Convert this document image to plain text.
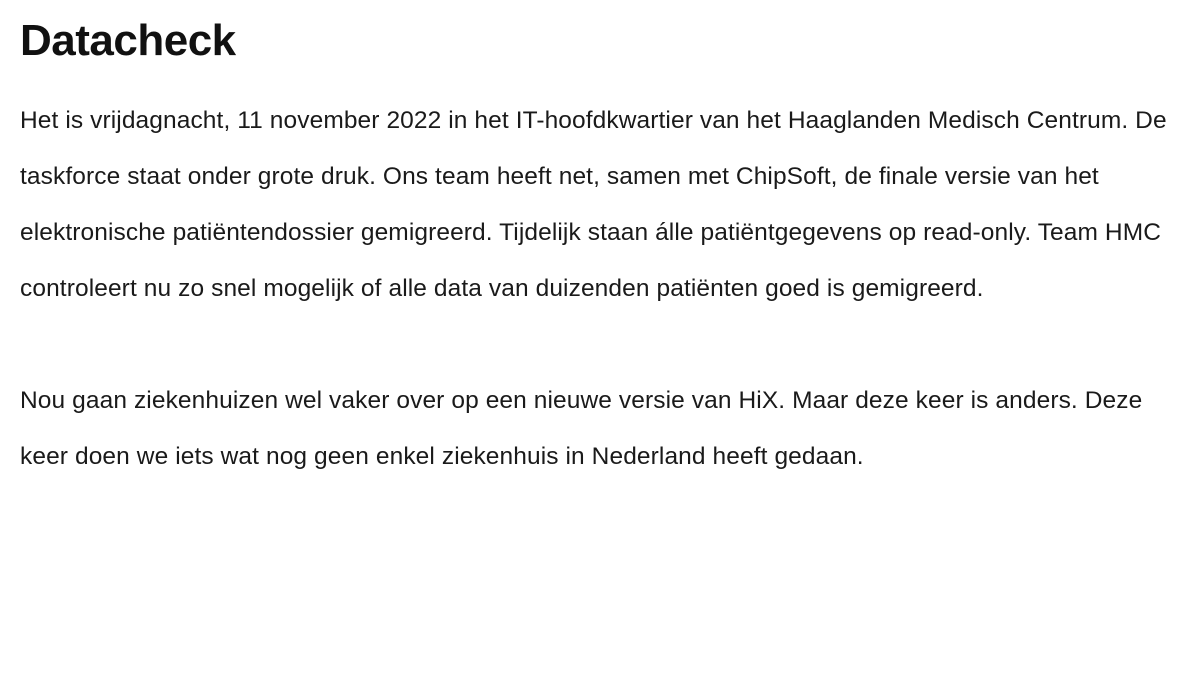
Datacheck

Het is vrijdagnacht, 11 november 2022 in het IT-hoofdkwartier van het Haaglanden Medisch Centrum. De taskforce staat onder grote druk. Ons team heeft net, samen met ChipSoft, de finale versie van het elektronische patiëntendossier gemigreerd. Tijdelijk staan álle patiëntgegevens op read-only. Team HMC controleert nu zo snel mogelijk of alle data van duizenden patiënten goed is gemigreerd.

Nou gaan ziekenhuizen wel vaker over op een nieuwe versie van HiX. Maar deze keer is anders. Deze keer doen we iets wat nog geen enkel ziekenhuis in Nederland heeft gedaan.
